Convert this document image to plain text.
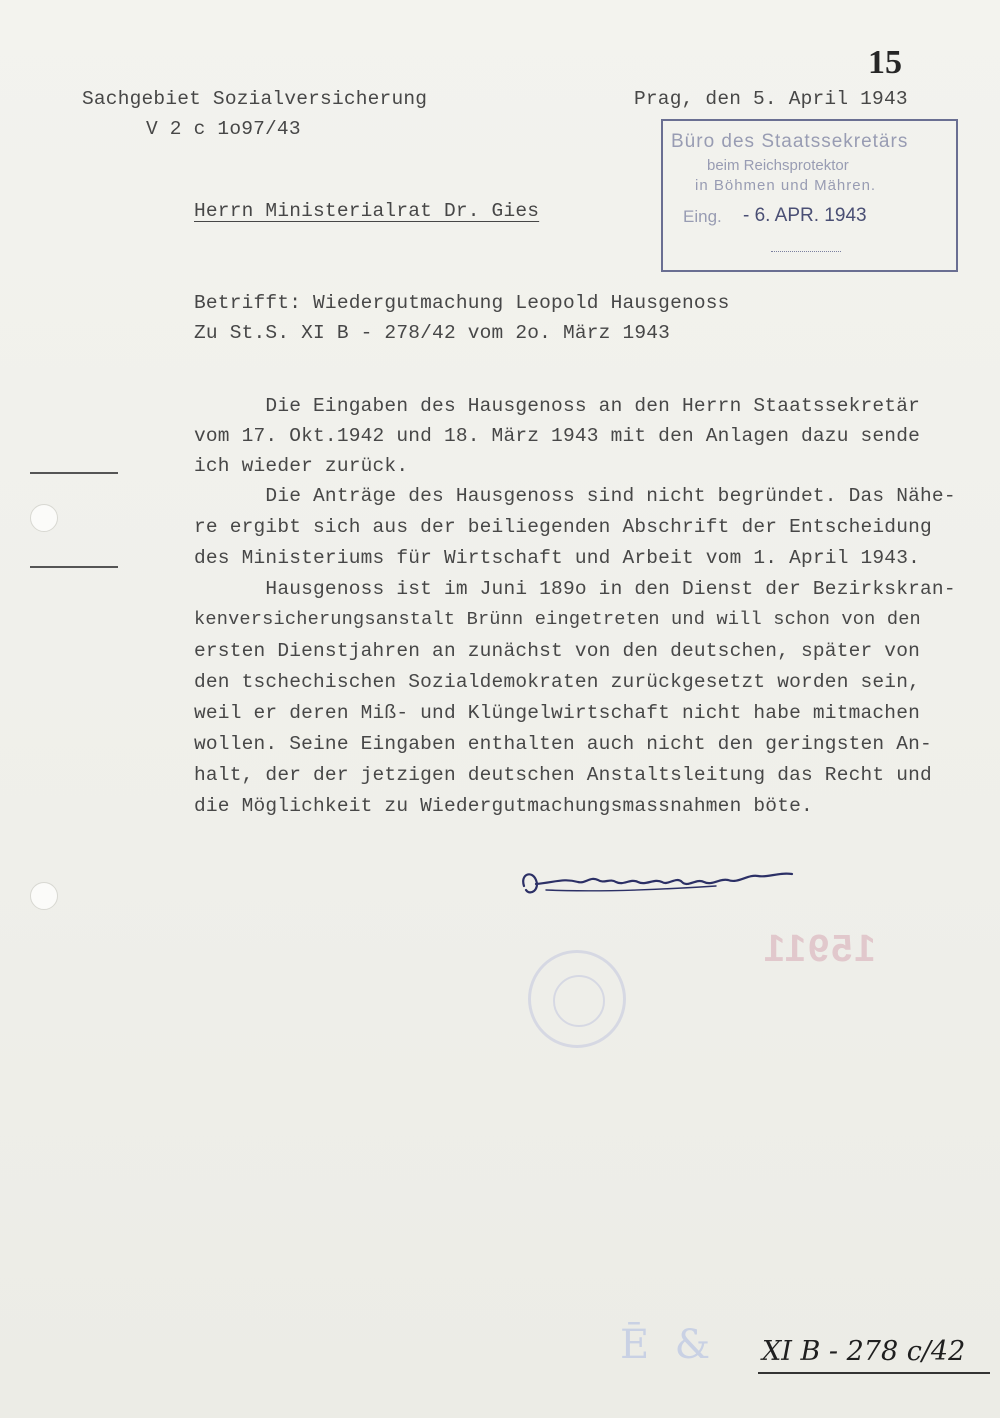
15
Sachgebiet Sozialversicherung
V 2 c 1o97/43
Prag, den 5. April 1943
Herrn Ministerialrat Dr. Gies
Büro des Staatssekretärs
beim Reichsprotektor
in Böhmen und Mähren.
Eing. - 6. APR. 1943
Betrifft: Wiedergutmachung Leopold Hausgenoss
Zu St.S. XI B - 278/42 vom 2o. März 1943
Die Eingaben des Hausgenoss an den Herrn Staatssekretär
vom 17. Okt.1942 und 18. März 1943 mit den Anlagen dazu sende
ich wieder zurück.
Die Anträge des Hausgenoss sind nicht begründet. Das Nähe-
re ergibt sich aus der beiliegenden Abschrift der Entscheidung
des Ministeriums für Wirtschaft und Arbeit vom 1. April 1943.
Hausgenoss ist im Juni 189o in den Dienst der Bezirkskran-
kenversicherungsanstalt Brünn eingetreten und will schon von den
ersten Dienstjahren an zunächst von den deutschen, später von
den tschechischen Sozialdemokraten zurückgesetzt worden sein,
weil er deren Miß- und Klüngelwirtschaft nicht habe mitmachen
wollen. Seine Eingaben enthalten auch nicht den geringsten An-
halt, der der jetzigen deutschen Anstaltsleitung das Recht und
die Möglichkeit zu Wiedergutmachungsmassnahmen böte.
15911
Ē  & XI B - 278 c/42
